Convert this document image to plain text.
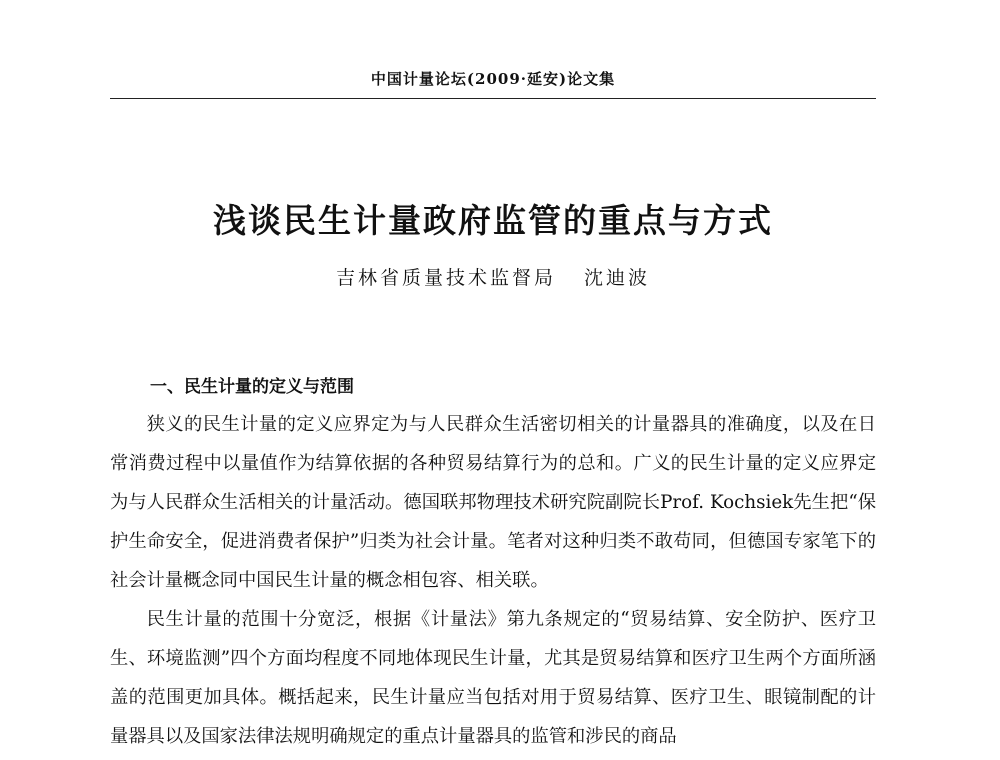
中国计量论坛(2009·延安)论文集
浅谈民生计量政府监管的重点与方式
吉林省质量技术监督局 沈迪波
一、民生计量的定义与范围

狭义的民生计量的定义应界定为与人民群众生活密切相关的计量器具的准确度，以及在日常消费过程中以量值作为结算依据的各种贸易结算行为的总和。广义的民生计量的定义应界定为与人民群众生活相关的计量活动。德国联邦物理技术研究院副院长Prof. Kochsiek先生把“保护生命安全，促进消费者保护”归类为社会计量。笔者对这种归类不敢苟同，但德国专家笔下的社会计量概念同中国民生计量的概念相包容、相关联。

民生计量的范围十分宽泛，根据《计量法》第九条规定的“贸易结算、安全防护、医疗卫生、环境监测”四个方面均程度不同地体现民生计量，尤其是贸易结算和医疗卫生两个方面所涵盖的范围更加具体。概括起来，民生计量应当包括对用于贸易结算、医疗卫生、眼镜制配的计量器具以及国家法律法规明确规定的重点计量器具的监管和涉民的商品
